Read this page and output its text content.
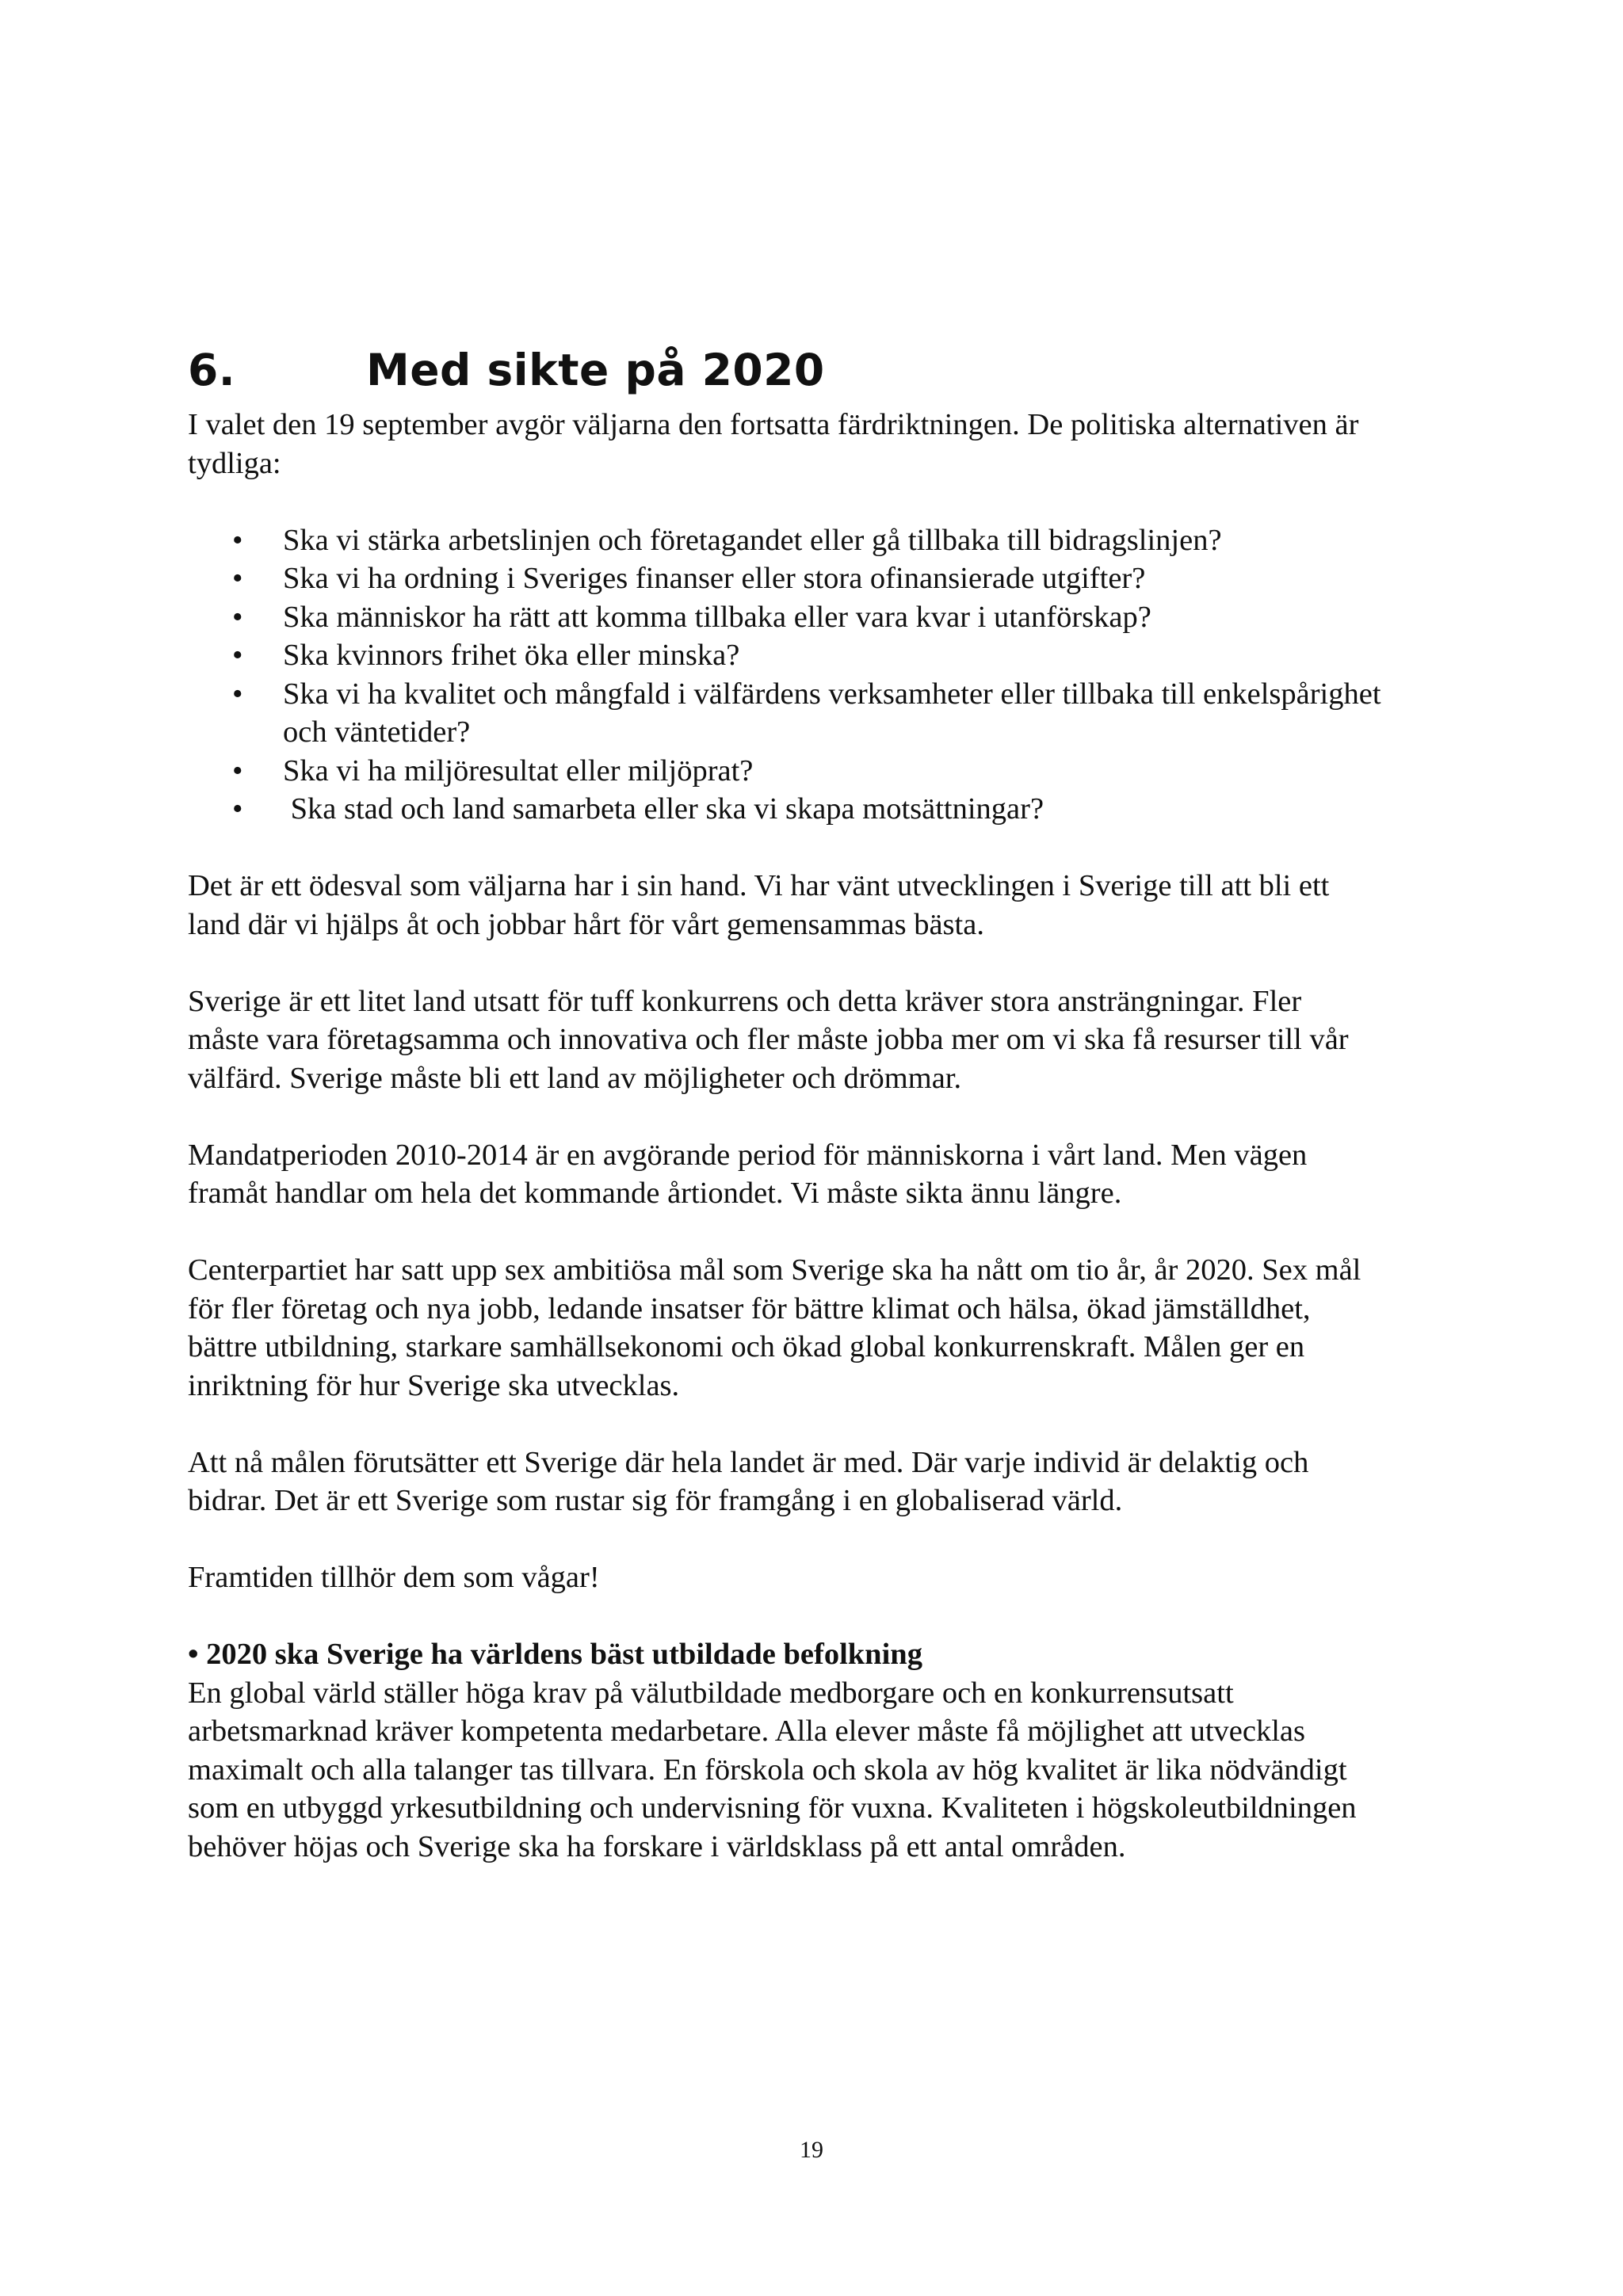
6.	Med sikte på 2020

I valet den 19 september avgör väljarna den fortsatta färdriktningen. De politiska alternativen är
tydliga:

• Ska vi stärka arbetslinjen och företagandet eller gå tillbaka till bidragslinjen?
• Ska vi ha ordning i Sveriges finanser eller stora ofinansierade utgifter?
• Ska människor ha rätt att komma tillbaka eller vara kvar i utanförskap?
• Ska kvinnors frihet öka eller minska?
• Ska vi ha kvalitet och mångfald i välfärdens verksamheter eller tillbaka till enkelspårighet
och väntetider?
• Ska vi ha miljöresultat eller miljöprat?
• Ska stad och land samarbeta eller ska vi skapa motsättningar?

Det är ett ödesval som väljarna har i sin hand. Vi har vänt utvecklingen i Sverige till att bli ett
land där vi hjälps åt och jobbar hårt för vårt gemensammas bästa.

Sverige är ett litet land utsatt för tuff konkurrens och detta kräver stora ansträngningar. Fler
måste vara företagsamma och innovativa och fler måste jobba mer om vi ska få resurser till vår
välfärd. Sverige måste bli ett land av möjligheter och drömmar.

Mandatperioden 2010-2014 är en avgörande period för människorna i vårt land. Men vägen
framåt handlar om hela det kommande årtiondet. Vi måste sikta ännu längre.

Centerpartiet har satt upp sex ambitiösa mål som Sverige ska ha nått om tio år, år 2020. Sex mål
för fler företag och nya jobb, ledande insatser för bättre klimat och hälsa, ökad jämställdhet,
bättre utbildning, starkare samhällsekonomi och ökad global konkurrenskraft. Målen ger en
inriktning för hur Sverige ska utvecklas.

Att nå målen förutsätter ett Sverige där hela landet är med. Där varje individ är delaktig och
bidrar. Det är ett Sverige som rustar sig för framgång i en globaliserad värld.

Framtiden tillhör dem som vågar!

• 2020 ska Sverige ha världens bäst utbildade befolkning

En global värld ställer höga krav på välutbildade medborgare och en konkurrensutsatt
arbetsmarknad kräver kompetenta medarbetare. Alla elever måste få möjlighet att utvecklas
maximalt och alla talanger tas tillvara. En förskola och skola av hög kvalitet är lika nödvändigt
som en utbyggd yrkesutbildning och undervisning för vuxna. Kvaliteten i högskoleutbildningen
behöver höjas och Sverige ska ha forskare i världsklass på ett antal områden.

19
